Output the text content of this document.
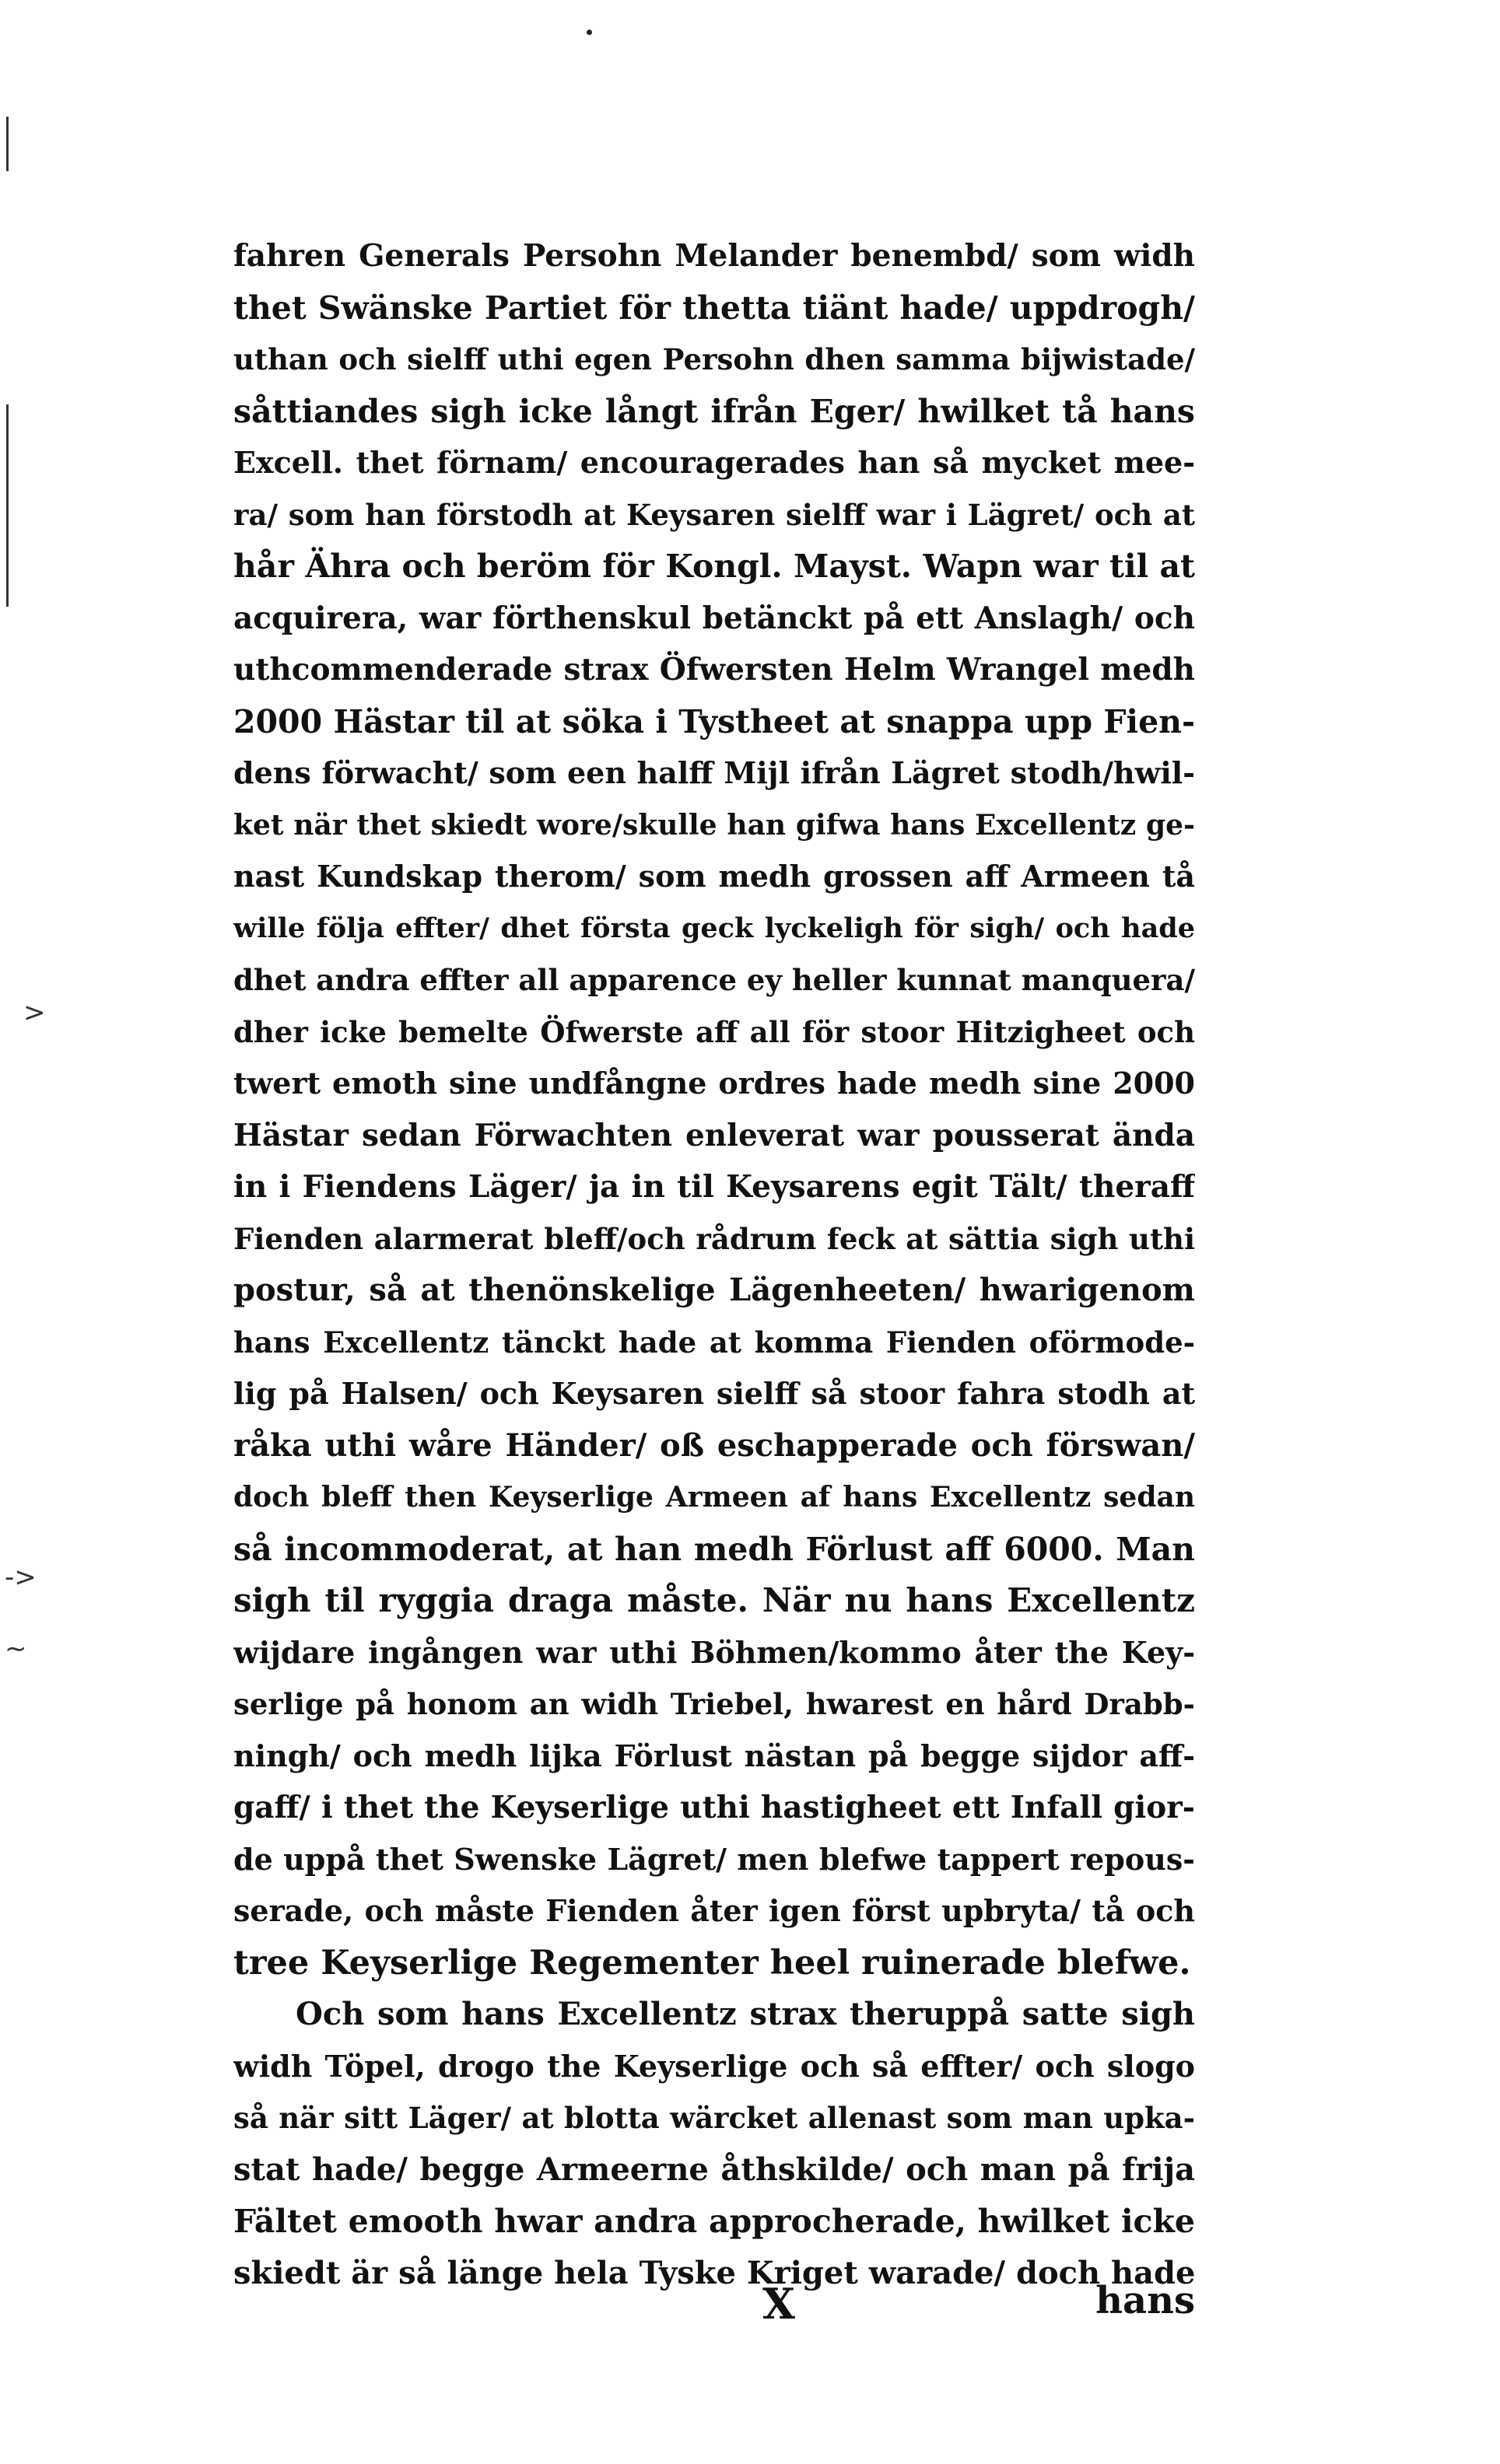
>
->
∼
fahren Generals Persohn Melander benembd/ som widh
thet Swänske Partiet för thetta tiänt hade/ uppdrogh/
uthan och sielff uthi egen Persohn dhen samma bijwistade/
såttiandes sigh icke långt ifrån Eger/ hwilket tå hans
Excell. thet förnam/ encouragerades han så mycket mee-
ra/ som han förstodh at Keysaren sielff war i Lägret/ och at
hår Ähra och beröm för Kongl. Mayst. Wapn war til at
acquirera, war förthenskul betänckt på ett Anslagh/ och
uthcommenderade strax Öfwersten Helm Wrangel medh
2000 Hästar til at söka i Tystheet at snappa upp Fien-
dens förwacht/ som een halff Mijl ifrån Lägret stodh/hwil-
ket när thet skiedt wore/skulle han gifwa hans Excellentz ge-
nast Kundskap therom/ som medh grossen aff Armeen tå
wille följa effter/ dhet första geck lyckeligh för sigh/ och hade
dhet andra effter all apparence ey heller kunnat manquera/
dher icke bemelte Öfwerste aff all för stoor Hitzigheet och
twert emoth sine undfångne ordres hade medh sine 2000
Hästar sedan Förwachten enleverat war pousserat ända
in i Fiendens Läger/ ja in til Keysarens egit Tält/ theraff
Fienden alarmerat bleff/och rådrum feck at sättia sigh uthi
postur, så at thenönskelige Lägenheeten/ hwarigenom
hans Excellentz tänckt hade at komma Fienden oförmode-
lig på Halsen/ och Keysaren sielff så stoor fahra stodh at
råka uthi wåre Händer/ oß eschapperade och förswan/
doch bleff then Keyserlige Armeen af hans Excellentz sedan
så incommoderat, at han medh Förlust aff 6000. Man
sigh til ryggia draga måste. När nu hans Excellentz
wijdare ingången war uthi Böhmen/kommo åter the Key-
serlige på honom an widh Triebel, hwarest en hård Drabb-
ningh/ och medh lijka Förlust nästan på begge sijdor aff-
gaff/ i thet the Keyserlige uthi hastigheet ett Infall gior-
de uppå thet Swenske Lägret/ men blefwe tappert repous-
serade, och måste Fienden åter igen först upbryta/ tå och
tree Keyserlige Regementer heel ruinerade blefwe.
Och som hans Excellentz strax theruppå satte sigh
widh Töpel, drogo the Keyserlige och så effter/ och slogo
så när sitt Läger/ at blotta wärcket allenast som man upka-
stat hade/ begge Armeerne åthskilde/ och man på frija
Fältet emooth hwar andra approcherade, hwilket icke
skiedt är så länge hela Tyske Kriget warade/ doch hade
X	hans
